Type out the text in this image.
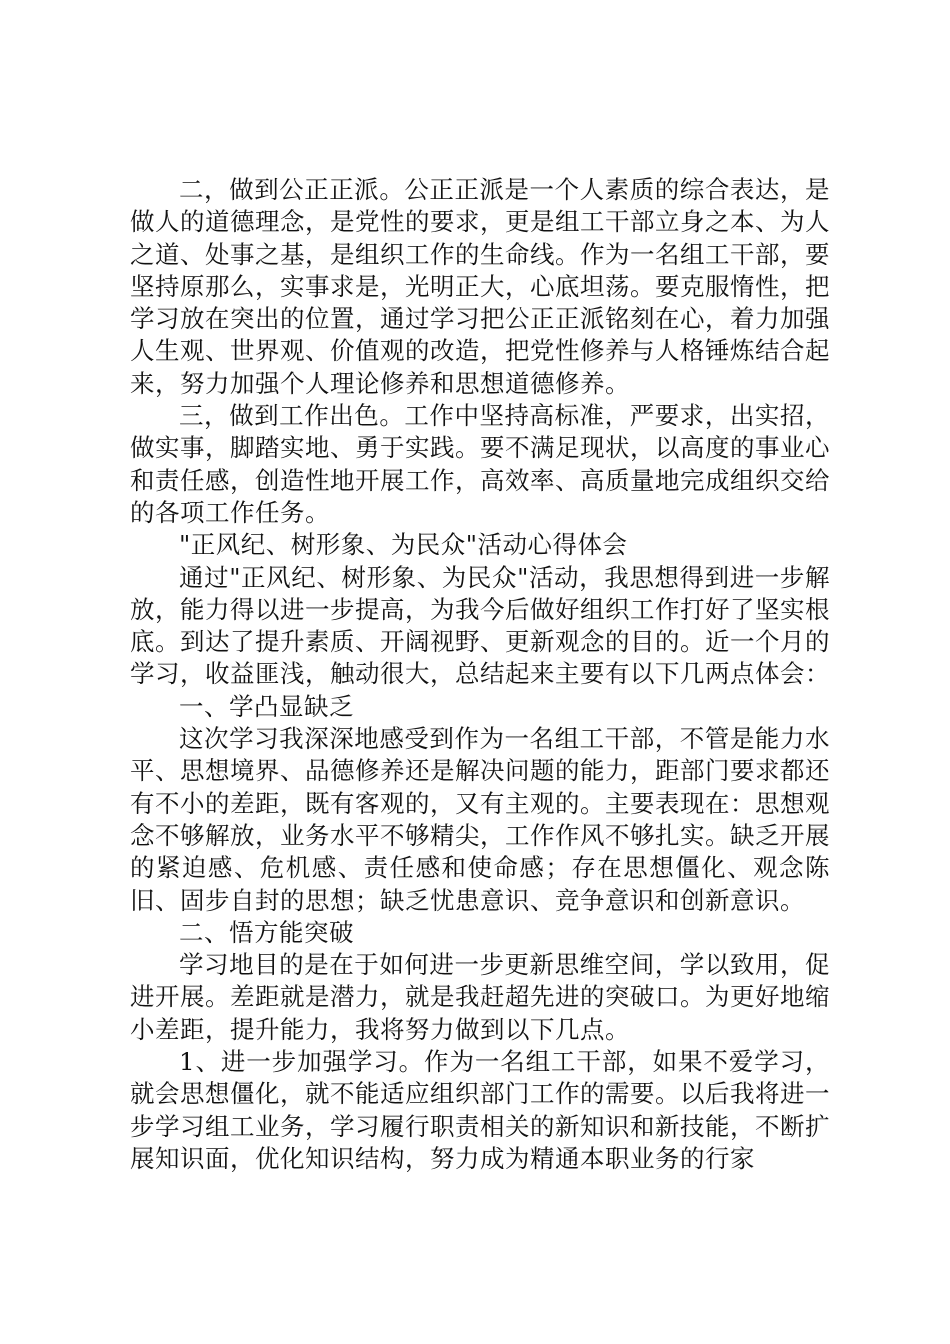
二，做到公正正派。公正正派是一个人素质的综合表达，是做人的道德理念，是党性的要求，更是组工干部立身之本、为人之道、处事之基，是组织工作的生命线。作为一名组工干部，要坚持原那么，实事求是，光明正大，心底坦荡。要克服惰性，把学习放在突出的位置，通过学习把公正正派铭刻在心，着力加强人生观、世界观、价值观的改造，把党性修养与人格锤炼结合起来，努力加强个人理论修养和思想道德修养。

三，做到工作出色。工作中坚持高标准，严要求，出实招，做实事，脚踏实地、勇于实践。要不满足现状，以高度的事业心和责任感，创造性地开展工作，高效率、高质量地完成组织交给的各项工作任务。

"正风纪、树形象、为民众"活动心得体会

通过"正风纪、树形象、为民众"活动，我思想得到进一步解放，能力得以进一步提高，为我今后做好组织工作打好了坚实根底。到达了提升素质、开阔视野、更新观念的目的。近一个月的学习，收益匪浅，触动很大，总结起来主要有以下几两点体会：

一、学凸显缺乏

这次学习我深深地感受到作为一名组工干部，不管是能力水平、思想境界、品德修养还是解决问题的能力，距部门要求都还有不小的差距，既有客观的，又有主观的。主要表现在：思想观念不够解放，业务水平不够精尖，工作作风不够扎实。缺乏开展的紧迫感、危机感、责任感和使命感；存在思想僵化、观念陈旧、固步自封的思想；缺乏忧患意识、竞争意识和创新意识。

二、悟方能突破

学习地目的是在于如何进一步更新思维空间，学以致用，促进开展。差距就是潜力，就是我赶超先进的突破口。为更好地缩小差距，提升能力，我将努力做到以下几点。

1、进一步加强学习。作为一名组工干部，如果不爱学习，就会思想僵化，就不能适应组织部门工作的需要。以后我将进一步学习组工业务，学习履行职责相关的新知识和新技能，不断扩展知识面，优化知识结构，努力成为精通本职业务的行家
